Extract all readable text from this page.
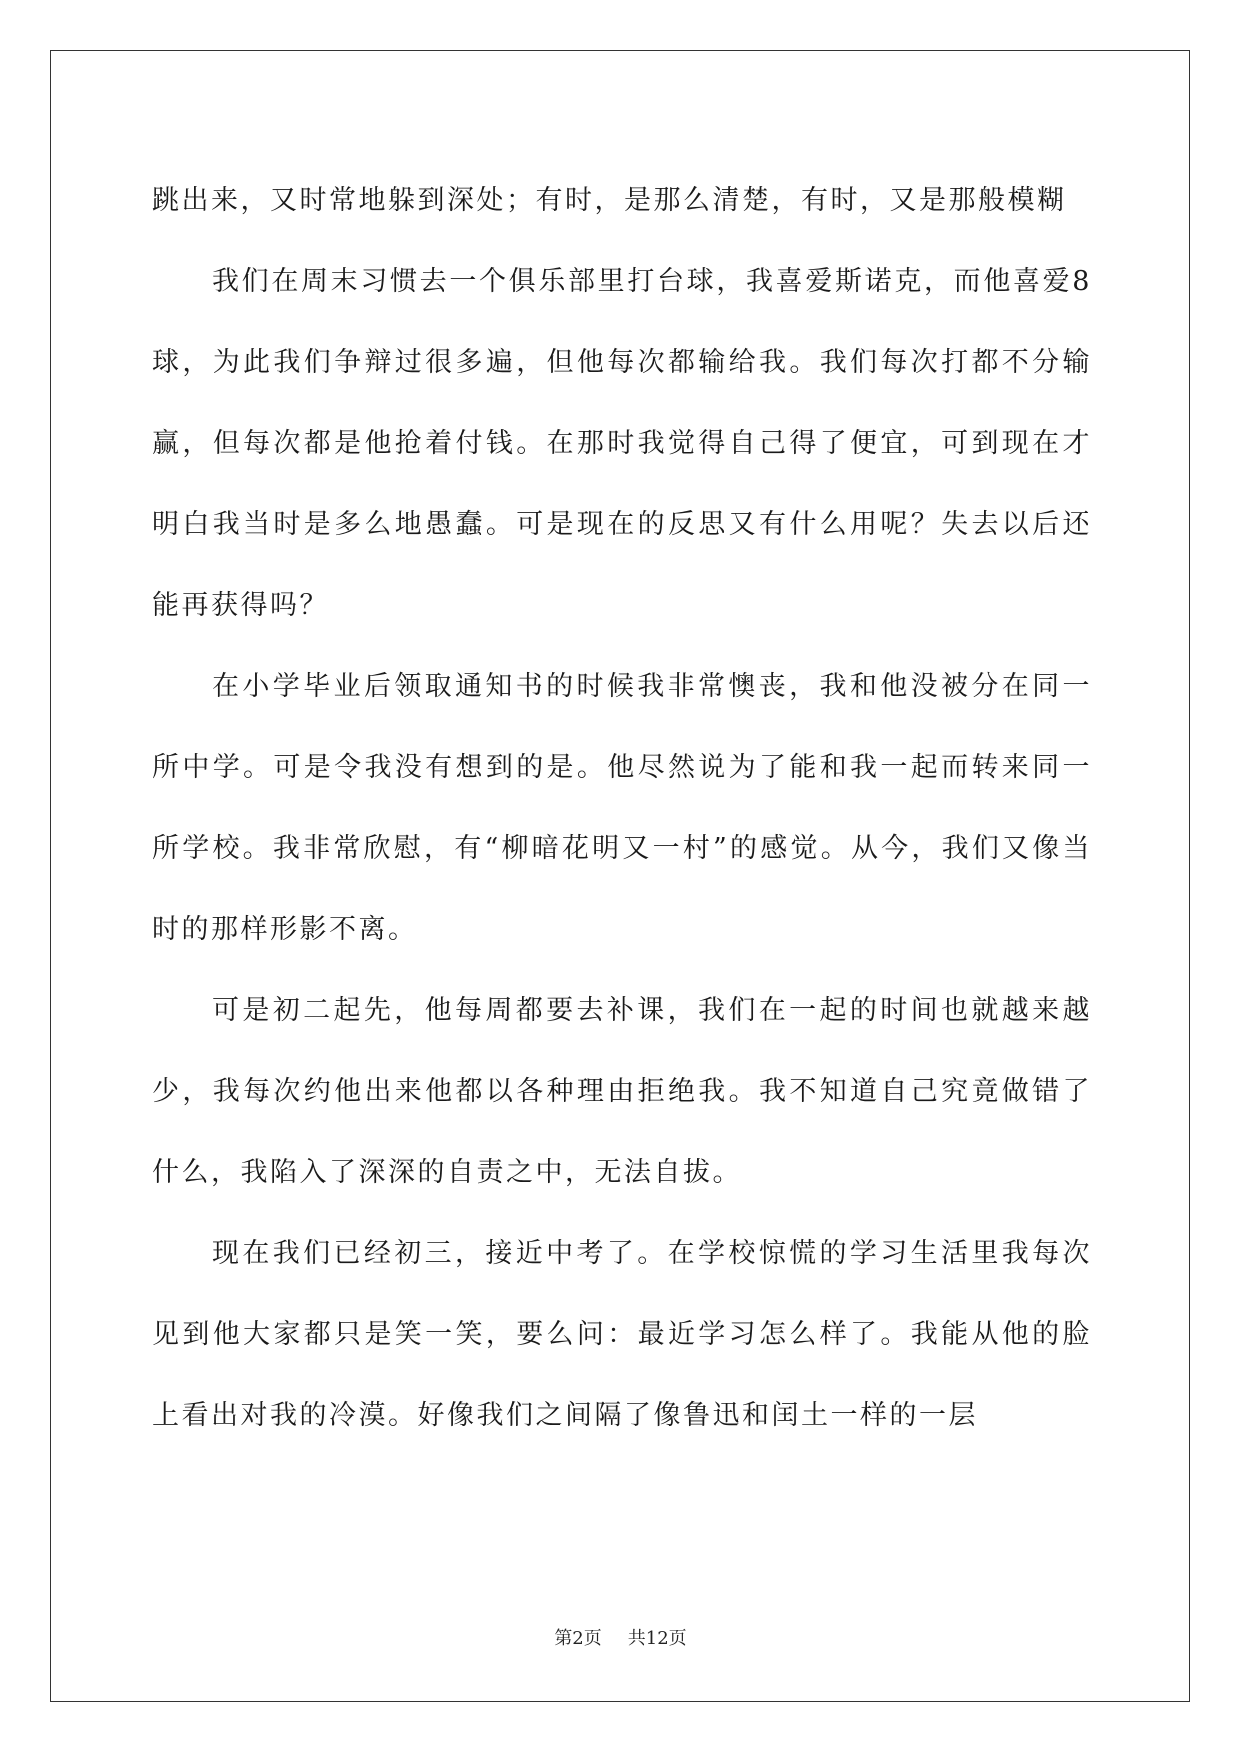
跳出来，又时常地躲到深处；有时，是那么清楚，有时，又是那般模糊

我们在周末习惯去一个俱乐部里打台球，我喜爱斯诺克，而他喜爱8球，为此我们争辩过很多遍，但他每次都输给我。我们每次打都不分输赢，但每次都是他抢着付钱。在那时我觉得自己得了便宜，可到现在才明白我当时是多么地愚蠢。可是现在的反思又有什么用呢？失去以后还能再获得吗？

在小学毕业后领取通知书的时候我非常懊丧，我和他没被分在同一所中学。可是令我没有想到的是。他尽然说为了能和我一起而转来同一所学校。我非常欣慰，有“柳暗花明又一村”的感觉。从今，我们又像当时的那样形影不离。

可是初二起先，他每周都要去补课，我们在一起的时间也就越来越少，我每次约他出来他都以各种理由拒绝我。我不知道自己究竟做错了什么，我陷入了深深的自责之中，无法自拔。

现在我们已经初三，接近中考了。在学校惊慌的学习生活里我每次见到他大家都只是笑一笑，要么问：最近学习怎么样了。我能从他的脸上看出对我的冷漠。好像我们之间隔了像鲁迅和闰土一样的一层

第2页 共12页
